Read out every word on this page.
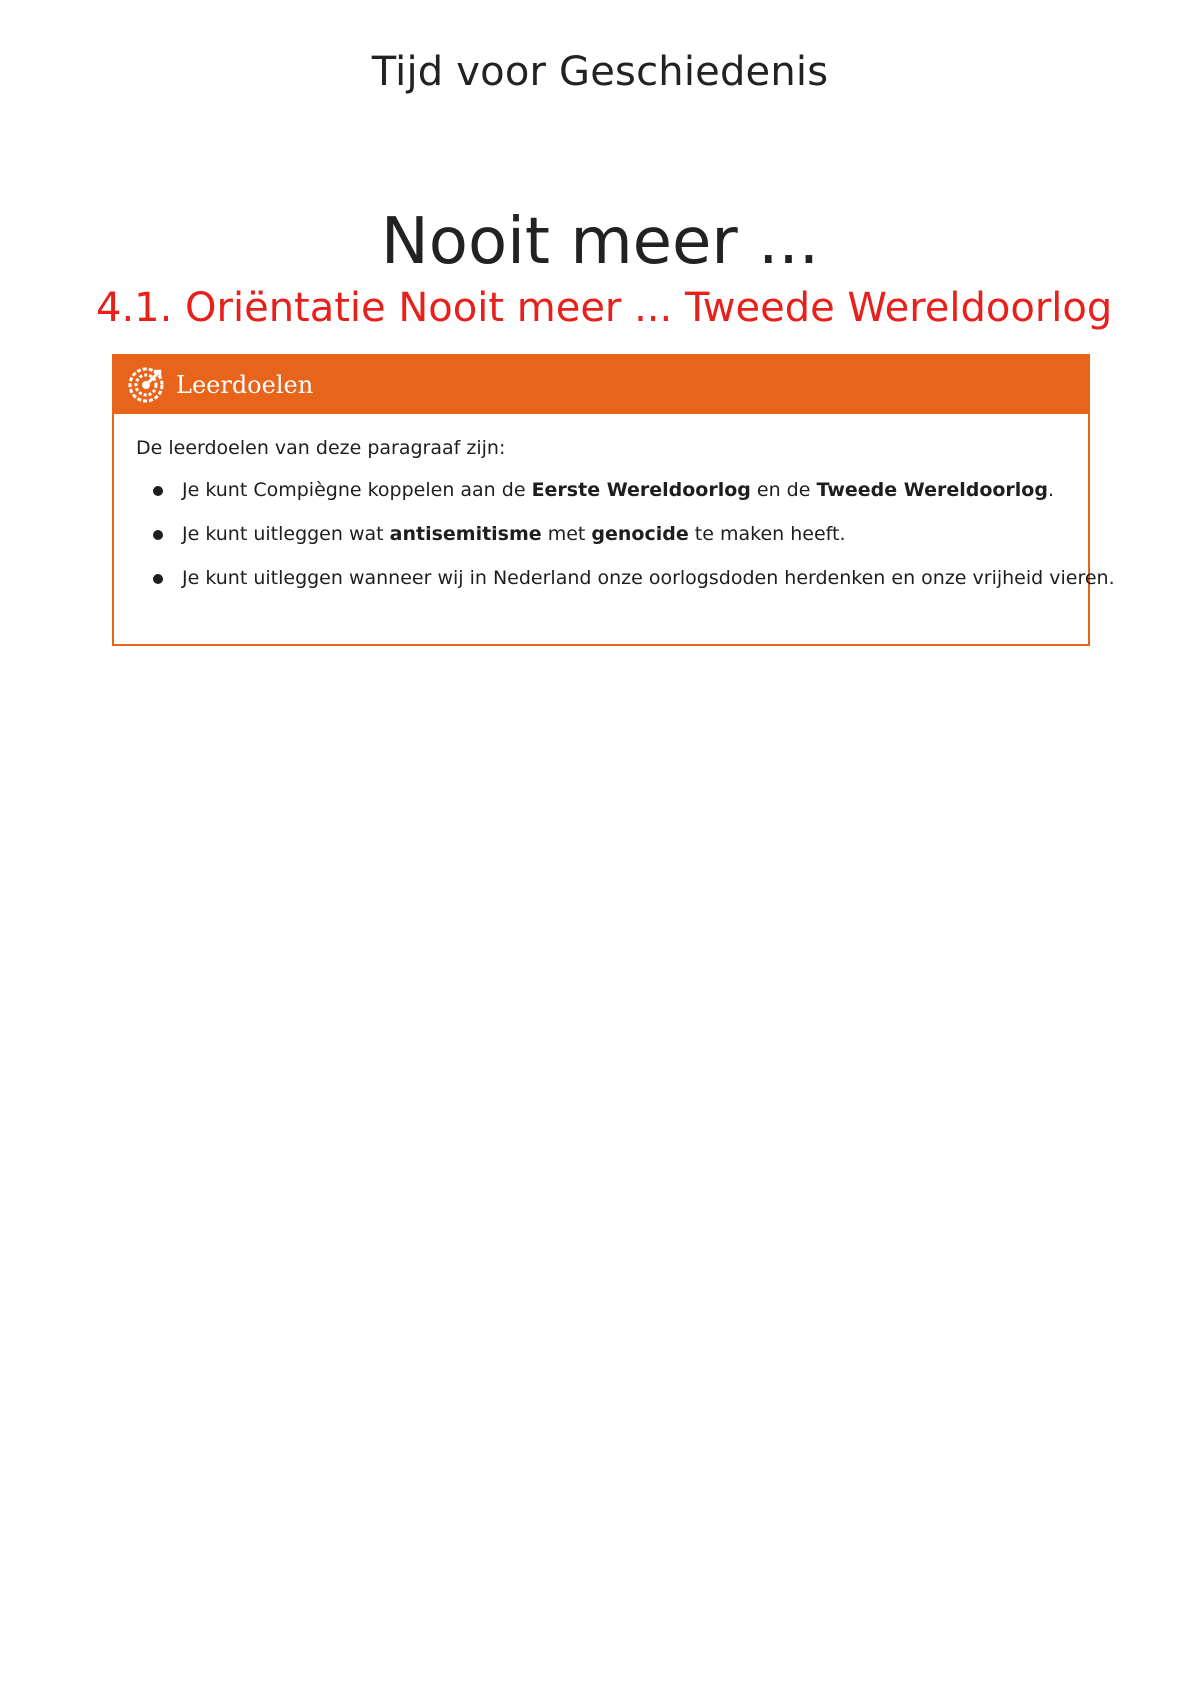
Tijd voor Geschiedenis
Nooit meer ...
4.1. Oriëntatie Nooit meer ... Tweede Wereldoorlog
Leerdoelen

De leerdoelen van deze paragraaf zijn:

Je kunt Compiègne koppelen aan de Eerste Wereldoorlog en de Tweede Wereldoorlog.
Je kunt uitleggen wat antisemitisme met genocide te maken heeft.
Je kunt uitleggen wanneer wij in Nederland onze oorlogsdoden herdenken en onze vrijheid vieren.
